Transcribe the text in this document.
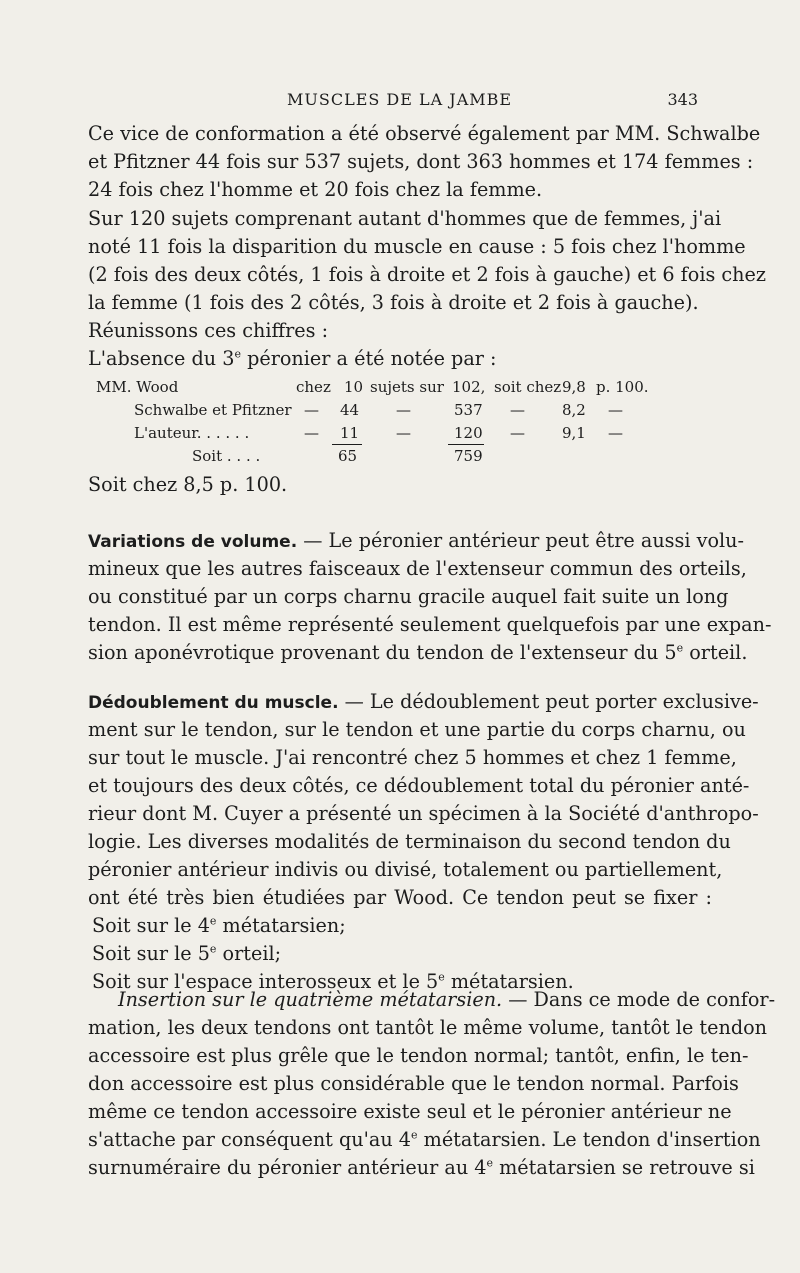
MUSCLES DE LA JAMBE	343
Ce vice de conformation a été observé également par MM. Schwalbe
et Pfitzner 44 fois sur 537 sujets, dont 363 hommes et 174 femmes :
24 fois chez l'homme et 20 fois chez la femme.
Sur 120 sujets comprenant autant d'hommes que de femmes, j'ai
noté 11 fois la disparition du muscle en cause : 5 fois chez l'homme
(2 fois des deux côtés, 1 fois à droite et 2 fois à gauche) et 6 fois chez
la femme (1 fois des 2 côtés, 3 fois à droite et 2 fois à gauche).
Réunissons ces chiffres :
L'absence du 3e péronier a été notée par :
MM. Wood	chez 10 sujets sur 102, soit chez 9,8 p. 100.
Schwalbe et Pfitzner — 44 —	537 — 8,2 —
L'auteur. . . . . .	— 11 —	120 — 9,1 —
Soit . . . .	65	759
Soit chez 8,5 p. 100.
Variations de volume. — Le péronier antérieur peut être aussi volu-
mineux que les autres faisceaux de l'extenseur commun des orteils,
ou constitué par un corps charnu gracile auquel fait suite un long
tendon. Il est même représenté seulement quelquefois par une expan-
sion aponévrotique provenant du tendon de l'extenseur du 5e orteil.
Dédoublement du muscle. — Le dédoublement peut porter exclusive-
ment sur le tendon, sur le tendon et une partie du corps charnu, ou
sur tout le muscle. J'ai rencontré chez 5 hommes et chez 1 femme,
et toujours des deux côtés, ce dédoublement total du péronier anté-
rieur dont M. Cuyer a présenté un spécimen à la Société d'anthropo-
logie. Les diverses modalités de terminaison du second tendon du
péronier antérieur indivis ou divisé, totalement ou partiellement,
ont été très bien étudiées par Wood. Ce tendon peut se fixer :
Soit sur le 4e métatarsien;
Soit sur le 5e orteil;
Soit sur l'espace interosseux et le 5e métatarsien.
Insertion sur le quatrième métatarsien. — Dans ce mode de confor-
mation, les deux tendons ont tantôt le même volume, tantôt le tendon
accessoire est plus grêle que le tendon normal; tantôt, enfin, le ten-
don accessoire est plus considérable que le tendon normal. Parfois
même ce tendon accessoire existe seul et le péronier antérieur ne
s'attache par conséquent qu'au 4e métatarsien. Le tendon d'insertion
surnuméraire du péronier antérieur au 4e métatarsien se retrouve si
